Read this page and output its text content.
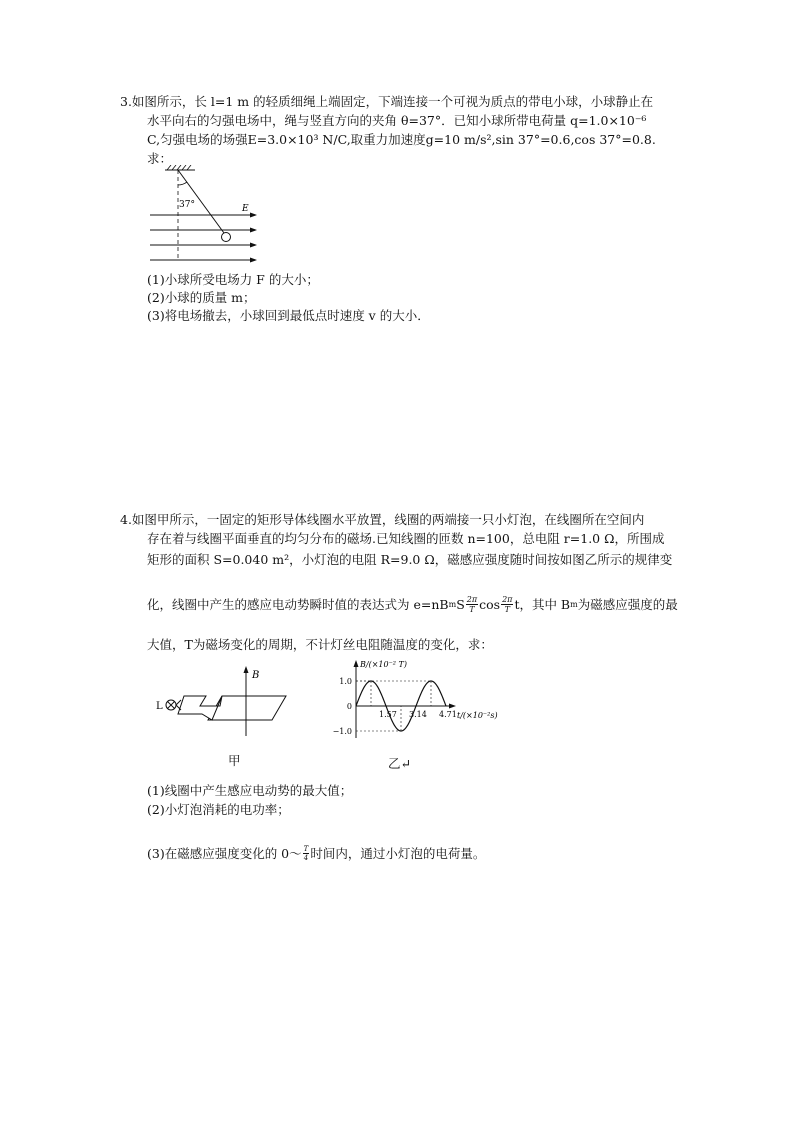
3.如图所示，长 l=1 m 的轻质细绳上端固定，下端连接一个可视为质点的带电小球，小球静止在
水平向右的匀强电场中，绳与竖直方向的夹角 θ=37°．已知小球所带电荷量 q=1.0×10⁻⁶
C,匀强电场的场强E=3.0×10³ N/C,取重力加速度g=10 m/s²,sin 37°=0.6,cos 37°=0.8.
求：
37°	E
(1)小球所受电场力 F 的大小；
(2)小球的质量 m；
(3)将电场撤去，小球回到最低点时速度 v 的大小．
4.如图甲所示，一固定的矩形导体线圈水平放置，线圈的两端接一只小灯泡，在线圈所在空间内
存在着与线圈平面垂直的均匀分布的磁场.已知线圈的匝数 n=100，总电阻 r=1.0 Ω，所围成
矩形的面积 S=0.040 m²，小灯泡的电阻 R=9.0 Ω，磁感应强度随时间按如图乙所示的规律变
化，线圈中产生的感应电动势瞬时值的表达式为 e=nB m S $\frac{2\pi}{T}$ $\cos \frac{2\pi}{T}$ t，其中 B m 为磁感应强度的最
大值，T为磁场变化的周期，不计灯丝电阻随温度的变化，求：
B
L
甲
B/(×10⁻² T)
t/(×10⁻²s)
1.0
0
−1.0
1.57 3.14 4.71
乙↵
(1)线圈中产生感应电动势的最大值；
(2)小灯泡消耗的电功率；
(3)在磁感应强度变化的 0～ $\frac{T}{4}$ 时间内，通过小灯泡的电荷量。
